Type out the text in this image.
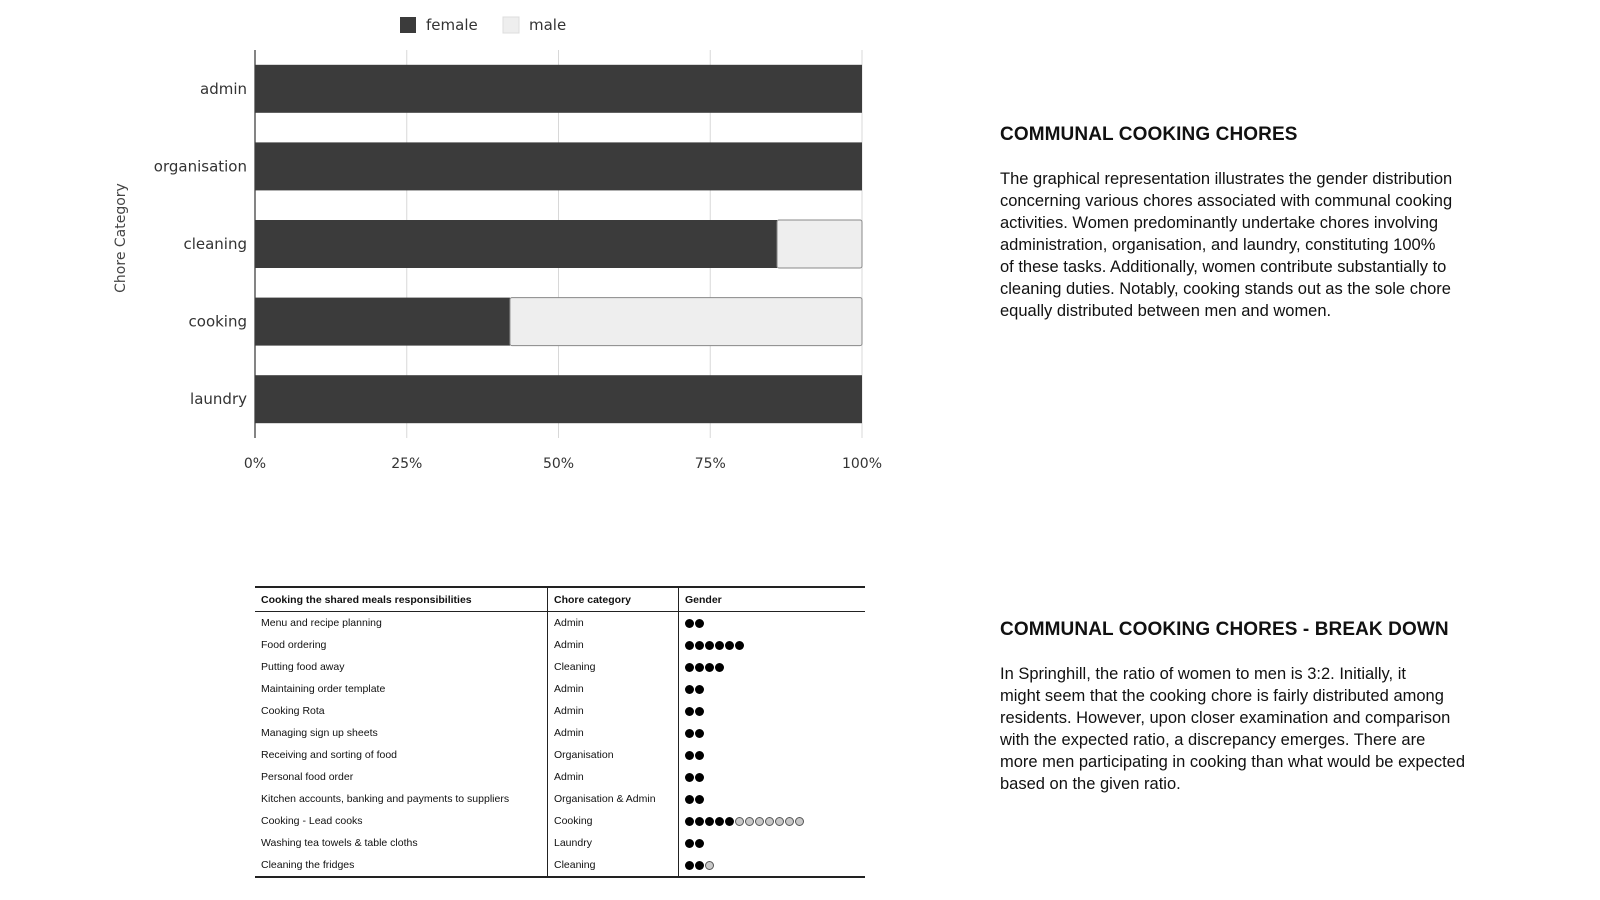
0%	25%	50%	75%	100%
admin
organisation
cleaning
cooking
laundry
Chore Category
female	male
COMMUNAL COOKING CHORES

The graphical representation illustrates the gender distribution
concerning various chores associated with communal cooking
activities. Women predominantly undertake chores involving
administration, organisation, and laundry, constituting 100%
of these tasks. Additionally, women contribute substantially to
cleaning duties. Notably, cooking stands out as the sole chore
equally distributed between men and women.

COMMUNAL COOKING CHORES - BREAK DOWN

In Springhill, the ratio of women to men is 3:2. Initially, it
might seem that the cooking chore is fairly distributed among
residents. However, upon closer examination and comparison
with the expected ratio, a discrepancy emerges. There are
more men participating in cooking than what would be expected
based on the given ratio.

Cooking the shared meals responsibilities	Chore category	Gender
Menu and recipe planning	Admin	
Food ordering	Admin	
Putting food away	Cleaning	
Maintaining order template	Admin	
Cooking Rota	Admin	
Managing sign up sheets	Admin	
Receiving and sorting of food	Organisation	
Personal food order	Admin	
Kitchen accounts, banking and payments to suppliers	Organisation & Admin	
Cooking - Lead cooks	Cooking	
Washing tea towels & table cloths	Laundry	
Cleaning the fridges	Cleaning	
